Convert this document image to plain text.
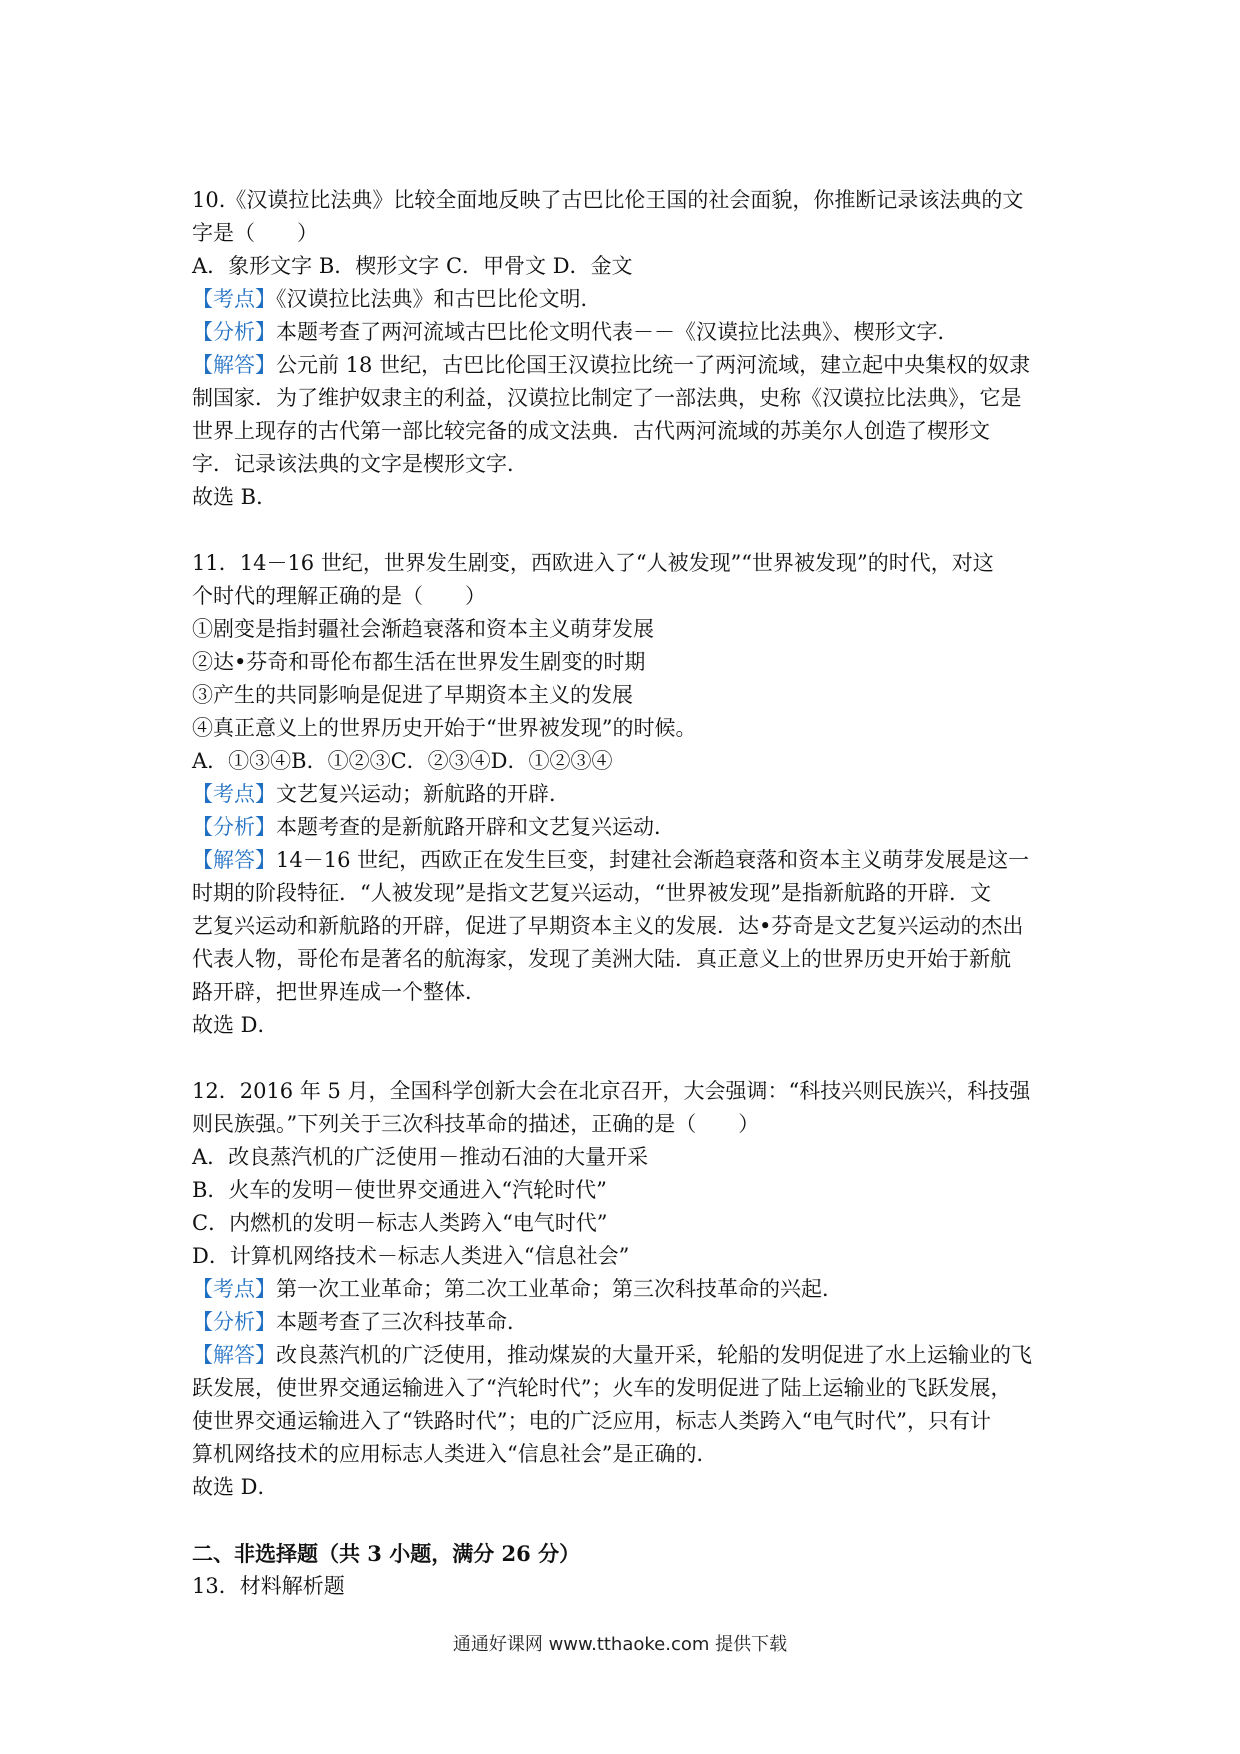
10.《汉谟拉比法典》比较全面地反映了古巴比伦王国的社会面貌，你推断记录该法典的文
字是（　　）
A．象形文字 B．楔形文字 C．甲骨文 D．金文
【考点】《汉谟拉比法典》和古巴比伦文明．
【分析】本题考查了两河流域古巴比伦文明代表－－《汉谟拉比法典》、楔形文字．
【解答】公元前 18 世纪，古巴比伦国王汉谟拉比统一了两河流域，建立起中央集权的奴隶
制国家．为了维护奴隶主的利益，汉谟拉比制定了一部法典，史称《汉谟拉比法典》，它是
世界上现存的古代第一部比较完备的成文法典．古代两河流域的苏美尔人创造了楔形文
字．记录该法典的文字是楔形文字．
故选 B．
11．14－16 世纪，世界发生剧变，西欧进入了“人被发现”“世界被发现”的时代，对这
个时代的理解正确的是（　　）
①剧变是指封疆社会渐趋衰落和资本主义萌芽发展
②达•芬奇和哥伦布都生活在世界发生剧变的时期
③产生的共同影响是促进了早期资本主义的发展
④真正意义上的世界历史开始于“世界被发现”的时候。
A．①③④B．①②③C．②③④D．①②③④
【考点】文艺复兴运动；新航路的开辟．
【分析】本题考查的是新航路开辟和文艺复兴运动．
【解答】14－16 世纪，西欧正在发生巨变，封建社会渐趋衰落和资本主义萌芽发展是这一
时期的阶段特征．“人被发现”是指文艺复兴运动，“世界被发现”是指新航路的开辟．文
艺复兴运动和新航路的开辟，促进了早期资本主义的发展．达•芬奇是文艺复兴运动的杰出
代表人物，哥伦布是著名的航海家，发现了美洲大陆．真正意义上的世界历史开始于新航
路开辟，把世界连成一个整体．
故选 D．
12．2016 年 5 月，全国科学创新大会在北京召开，大会强调：“科技兴则民族兴，科技强
则民族强。”下列关于三次科技革命的描述，正确的是（　　）
A．改良蒸汽机的广泛使用－推动石油的大量开采
B．火车的发明－使世界交通进入“汽轮时代”
C．内燃机的发明－标志人类跨入“电气时代”
D．计算机网络技术－标志人类进入“信息社会”
【考点】第一次工业革命；第二次工业革命；第三次科技革命的兴起．
【分析】本题考查了三次科技革命．
【解答】改良蒸汽机的广泛使用，推动煤炭的大量开采，轮船的发明促进了水上运输业的飞
跃发展，使世界交通运输进入了“汽轮时代”；火车的发明促进了陆上运输业的飞跃发展，
使世界交通运输进入了“铁路时代”；电的广泛应用，标志人类跨入“电气时代”，只有计
算机网络技术的应用标志人类进入“信息社会”是正确的．
故选 D．
二、非选择题（共 3 小题，满分 26 分）
13．材料解析题
通通好课网 www.tthaoke.com 提供下载
